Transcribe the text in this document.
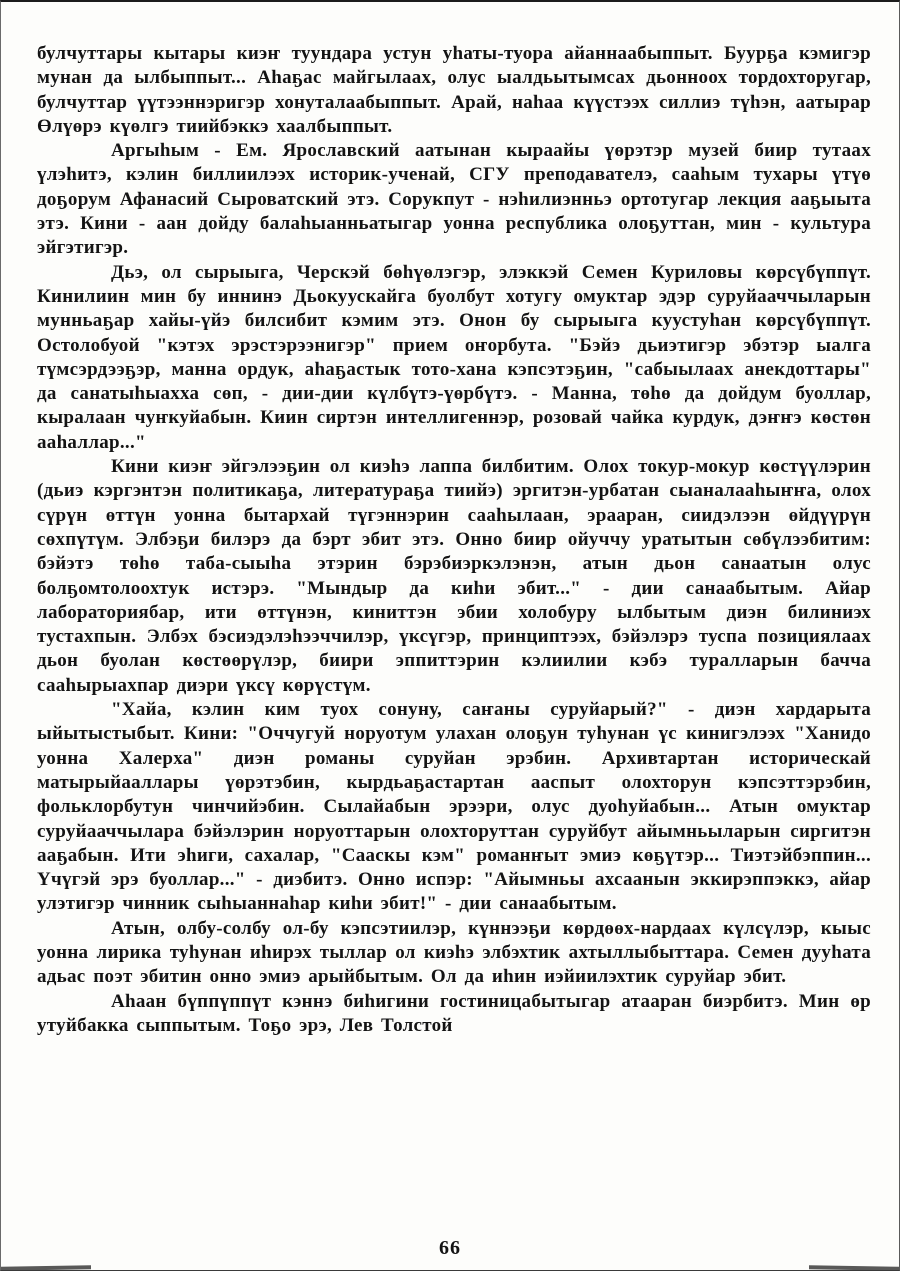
булчуттары кытары киэҥ туундара устун уһаты-туора айаннаабыппыт. Буурҕа кэмигэр мунан да ылбыппыт... Аһаҕас майгылаах, олус ыалдьытымсах дьонноох тордохторугар, булчуттар үүтээннэригэр хонуталаабыппыт. Арай, наһаа күүстээх силлиэ түһэн, аатырар Өлүөрэ күөлгэ тиийбэккэ хаалбыппыт.

Аргыһым - Ем. Ярославский аатынан кыраайы үөрэтэр музей биир тутаах үлэһитэ, кэлин биллиилээх историк-ученай, СГУ преподавателэ, сааһым тухары үтүө доҕорум Афанасий Сыроватский этэ. Сорукпут - нэһилиэнньэ ортотугар лекция ааҕыыта этэ. Кини - аан дойду балаһыанньатыгар уонна республика олоҕуттан, мин - культура эйгэтигэр.

Дьэ, ол сырыыга, Черскэй бөһүөлэгэр, элэккэй Семен Куриловы көрсүбүппүт. Кинилиин мин бу иннинэ Дьокуускайга буолбут хотугу омуктар эдэр суруйааччыларын мунньаҕар хайы-үйэ билсибит кэмим этэ. Онон бу сырыыга куустуһан көрсүбүппүт. Остолобуой "кэтэх эрэстэрээнигэр" прием оҥорбута. "Бэйэ дьиэтигэр эбэтэр ыалга түмсэрдээҕэр, манна ордук, аһаҕастык тото-хана кэпсэтэҕин, "сабыылаах анекдоттары" да санатыһыахха сөп, - дии-дии күлбүтэ-үөрбүтэ. - Манна, төһө да дойдум буоллар, кыралаан чуҥкуйабын. Киин сиртэн интеллигеннэр, розовай чайка курдук, дэҥҥэ көстөн ааһаллар..."

Кини киэҥ эйгэлээҕин ол киэһэ лаппа билбитим. Олох токур-мокур көстүүлэрин (дьиэ кэргэнтэн политикаҕа, литератураҕа тиийэ) эргитэн-урбатан сыаналааһыҥҥа, олох сүрүн өттүн уонна бытархай түгэннэрин сааһылаан, эрааран, сиидэлээн өйдүүрүн сөхпүтүм. Элбэҕи билэрэ да бэрт эбит этэ. Онно биир ойуччу уратытын сөбүлээбитим: бэйэтэ төһө таба-сыыһа этэрин бэрэбиэркэлэнэн, атын дьон санаатын олус болҕомтолоохтук истэрэ. "Мындыр да киһи эбит..." - дии санаабытым. Айар лабораториябар, ити өттүнэн, киниттэн эбии холобуру ылбытым диэн билиниэх тустахпын. Элбэх бэсиэдэлэһээччилэр, үксүгэр, принциптээх, бэйэлэрэ туспа позициялаах дьон буолан көстөөрүлэр, биири эппиттэрин кэлиилии кэбэ туралларын бачча сааһырыахпар диэри үксү көрүстүм.

"Хайа, кэлин ким туох сонуну, саҥаны суруйарый?" - диэн хардарыта ыйытыстыбыт. Кини: "Оччугуй норуотум улахан олоҕун туһунан үс кинигэлээх "Ханидо уонна Халерха" диэн романы суруйан эрэбин. Архивтартан историческай матырыйааллары үөрэтэбин, кырдьаҕастартан ааспыт олохторун кэпсэттэрэбин, фольклорбутун чинчийэбин. Сылайабын эрээри, олус дуоһуйабын... Атын омуктар суруйааччылара бэйэлэрин норуоттарын олохторуттан суруйбут айымньыларын сиргитэн ааҕабын. Ити эһиги, сахалар, "Сааскы кэм" романҥыт эмиэ көҕүтэр... Тиэтэйбэппин... Үчүгэй эрэ буоллар..." - диэбитэ. Онно испэр: "Айымньы ахсаанын эккирэппэккэ, айар улэтигэр чинник сыһыаннаһар киһи эбит!" - дии санаабытым.

Атын, олбу-солбу ол-бу кэпсэтиилэр, күннээҕи көрдөөх-нардаах күлсүлэр, кыыс уонна лирика туһунан иһирэх тыллар ол киэһэ элбэхтик ахтыллыбыттара. Семен дууһата адьас поэт эбитин онно эмиэ арыйбытым. Ол да иһин иэйиилэхтик суруйар эбит.

Аһаан бүппүппүт кэннэ биһигини гостиницабытыгар атааран биэрбитэ. Мин өр утуйбакка сыппытым. Тоҕо эрэ, Лев Толстой

66
